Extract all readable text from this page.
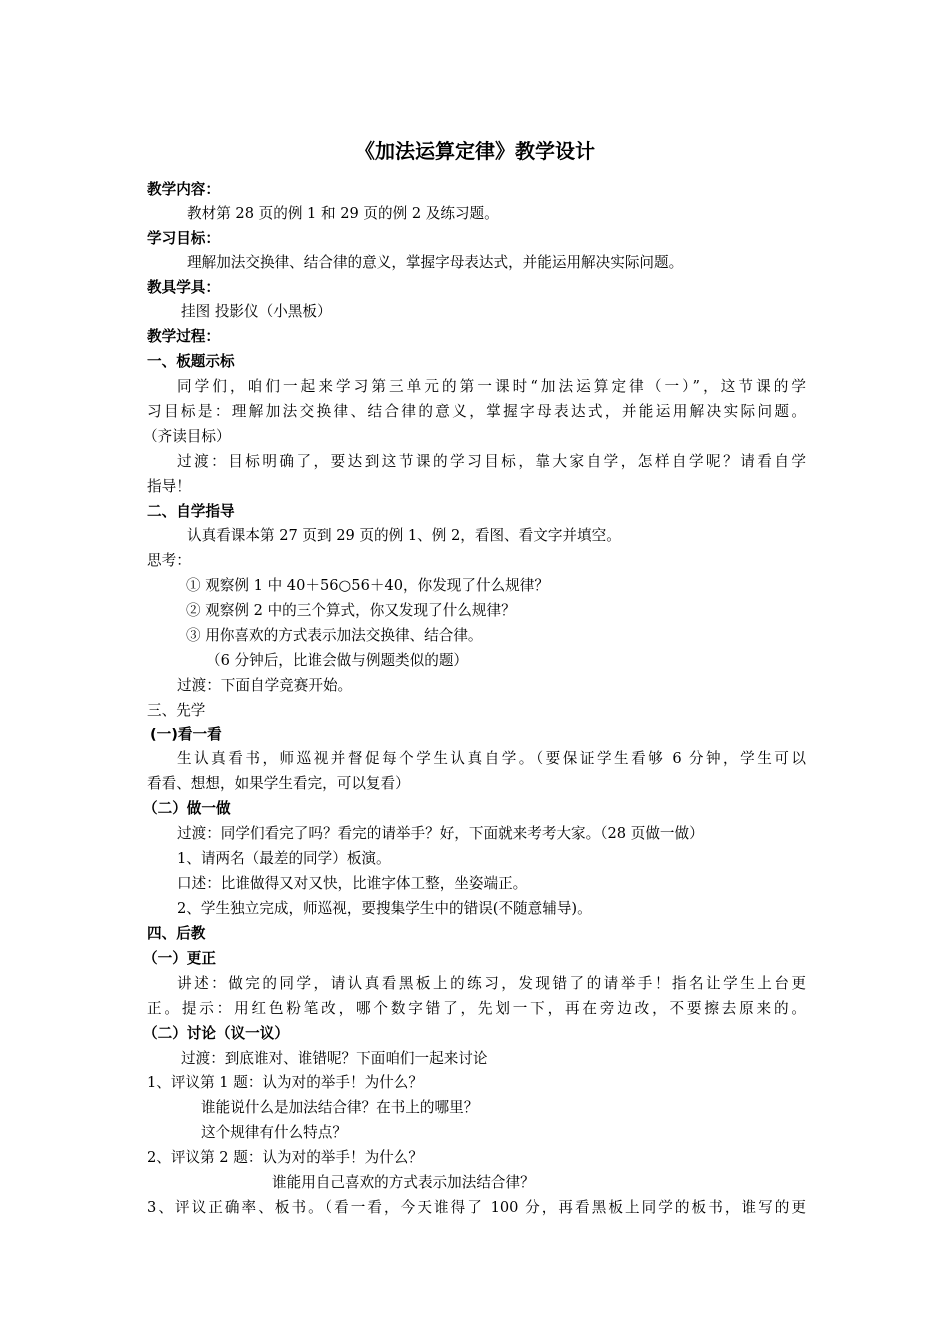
《加法运算定律》教学设计
教学内容：
教材第 28 页的例 1 和 29 页的例 2 及练习题。
学习目标：
理解加法交换律、结合律的意义，掌握字母表达式，并能运用解决实际问题。
教具学具：
挂图 投影仪（小黑板）
教学过程：
一、板题示标
同学们，咱们一起来学习第三单元的第一课时“加法运算定律（一）”，这节课的学
习目标是：理解加法交换律、结合律的意义，掌握字母表达式，并能运用解决实际问题。
（齐读目标）
过渡：目标明确了，要达到这节课的学习目标，靠大家自学，怎样自学呢？请看自学
指导！
二、自学指导
认真看课本第 27 页到 29 页的例 1、例 2，看图、看文字并填空。
思考：
① 观察例 1 中 40＋56○56＋40，你发现了什么规律？
② 观察例 2 中的三个算式，你又发现了什么规律？
③ 用你喜欢的方式表示加法交换律、结合律。
（6 分钟后，比谁会做与例题类似的题）
过渡：下面自学竞赛开始。
三、先学
(一)看一看
生认真看书，师巡视并督促每个学生认真自学。（要保证学生看够 6 分钟，学生可以
看看、想想，如果学生看完，可以复看）
（二）做一做
过渡：同学们看完了吗？看完的请举手？好，下面就来考考大家。（28 页做一做）
1、请两名（最差的同学）板演。
口述：比谁做得又对又快，比谁字体工整，坐姿端正。
2、学生独立完成，师巡视，要搜集学生中的错误(不随意辅导)。
四、后教
（一）更正
讲述：做完的同学，请认真看黑板上的练习，发现错了的请举手！指名让学生上台更
正。提示：用红色粉笔改，哪个数字错了，先划一下，再在旁边改，不要擦去原来的。
（二）讨论（议一议）
过渡：到底谁对、谁错呢？下面咱们一起来讨论
1、评议第 1 题：认为对的举手！为什么？
谁能说什么是加法结合律？在书上的哪里？
这个规律有什么特点？
2、评议第 2 题：认为对的举手！为什么？
谁能用自己喜欢的方式表示加法结合律？
3、评议正确率、板书。（看一看，今天谁得了 100 分，再看黑板上同学的板书，谁写的更
